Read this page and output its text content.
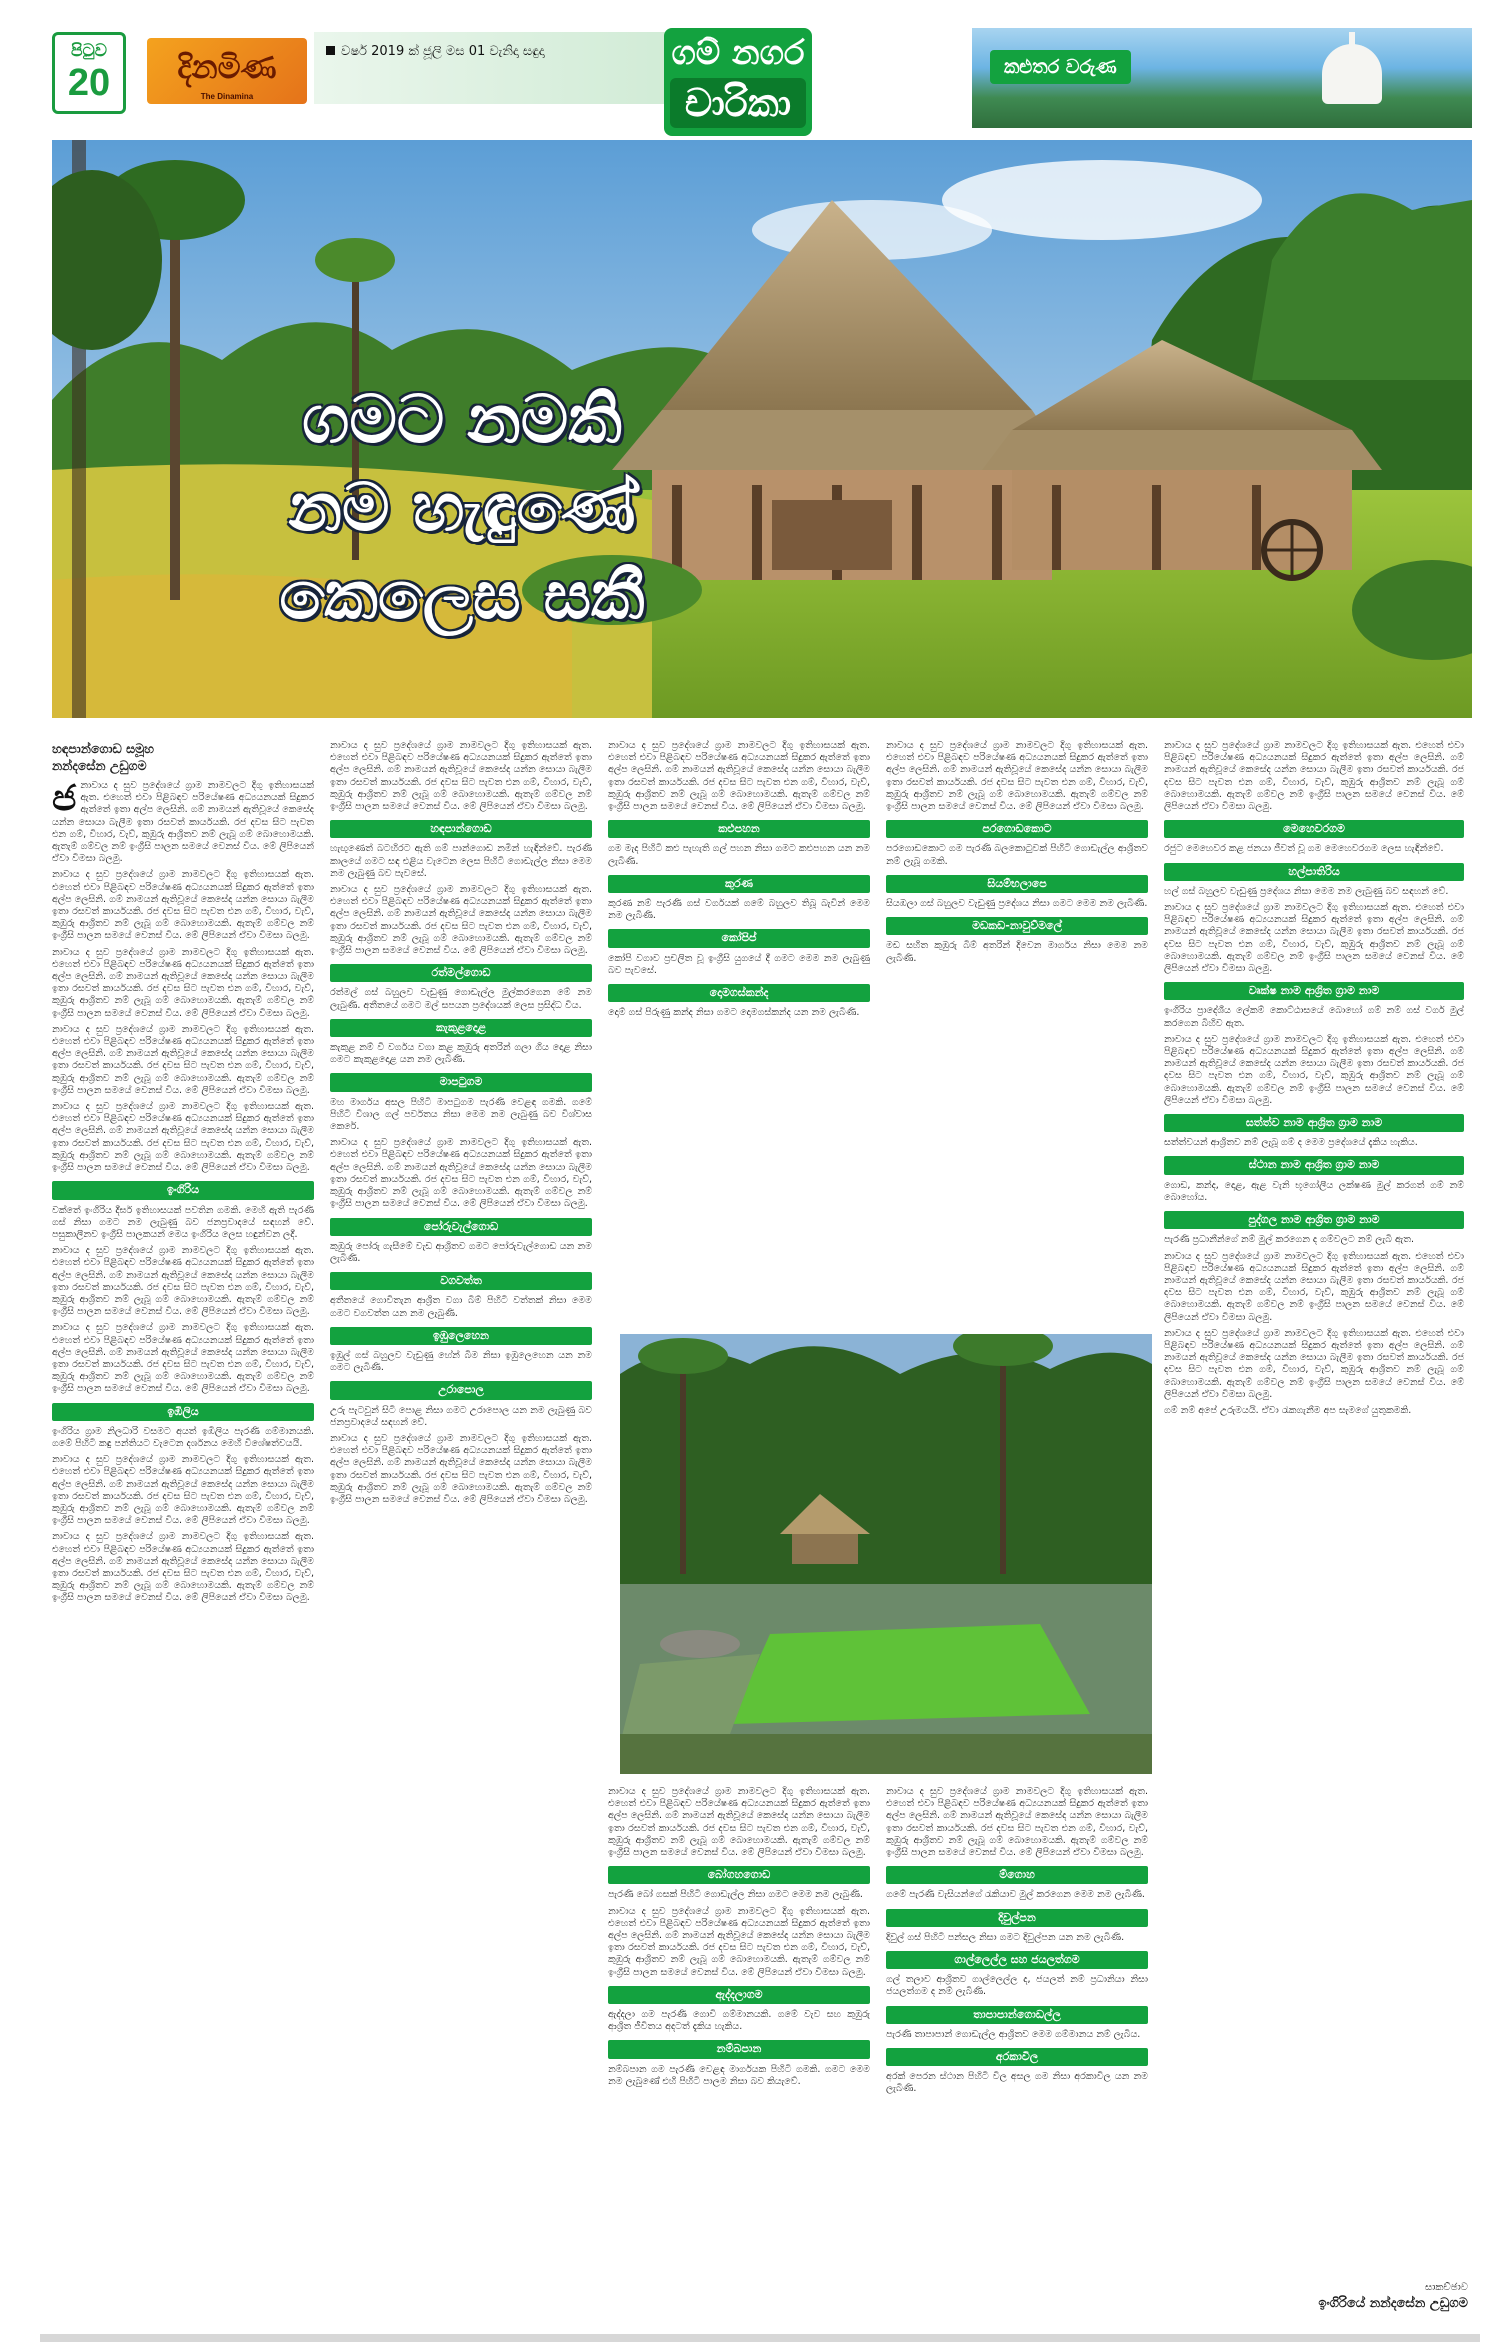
පිටුව
20	දිනමිණ
The Dinamina
වර්ෂ 2019 ක් ජූලි මස 01 වැනිදා සඳුදා	ගම් නගර
චාරිකා
කළුතර වරුණ
ගමට නමකි
නම හැඳුණේ
කෙලෙස සකී
හඳපාන්ගොඩ සමූහ
නන්දසේන උඩුගම

ජනාවාය ද සුව ප්‍රදේශයේ ග්‍රාම නාමවලට දිගු ඉතිහාසයක් ඇත. එහෙත් එවා පිළිබඳව පරියේෂණ අධ්‍යයනයක් සිදුකර ඇත්තේ ඉතා අල්ප ලෙසිනි. ගම් නාමයන් ඇතිවූයේ කෙසේද යන්න සොයා බැලීම ඉතා රසවත් කාර්යයකි. රජ දවස සිට පැවත එන ගම්, විහාර, වැව්, කුඹුරු ආශ්‍රිතව නම් ලැබූ ගම් බොහොමයකි. ඇතැම් ගම්වල නම් ඉංග්‍රීසි පාලන සමයේ වෙනස් විය. මේ ලිපියෙන් ඒවා විමසා බලමු.

නාවාය ද සුව ප්‍රදේශයේ ග්‍රාම නාමවලට දිගු ඉතිහාසයක් ඇත. එහෙත් එවා පිළිබඳව පරියේෂණ අධ්‍යයනයක් සිදුකර ඇත්තේ ඉතා අල්ප ලෙසිනි. ගම් නාමයන් ඇතිවූයේ කෙසේද යන්න සොයා බැලීම ඉතා රසවත් කාර්යයකි. රජ දවස සිට පැවත එන ගම්, විහාර, වැව්, කුඹුරු ආශ්‍රිතව නම් ලැබූ ගම් බොහොමයකි. ඇතැම් ගම්වල නම් ඉංග්‍රීසි පාලන සමයේ වෙනස් විය. මේ ලිපියෙන් ඒවා විමසා බලමු.

නාවාය ද සුව ප්‍රදේශයේ ග්‍රාම නාමවලට දිගු ඉතිහාසයක් ඇත. එහෙත් එවා පිළිබඳව පරියේෂණ අධ්‍යයනයක් සිදුකර ඇත්තේ ඉතා අල්ප ලෙසිනි. ගම් නාමයන් ඇතිවූයේ කෙසේද යන්න සොයා බැලීම ඉතා රසවත් කාර්යයකි. රජ දවස සිට පැවත එන ගම්, විහාර, වැව්, කුඹුරු ආශ්‍රිතව නම් ලැබූ ගම් බොහොමයකි. ඇතැම් ගම්වල නම් ඉංග්‍රීසි පාලන සමයේ වෙනස් විය. මේ ලිපියෙන් ඒවා විමසා බලමු.

නාවාය ද සුව ප්‍රදේශයේ ග්‍රාම නාමවලට දිගු ඉතිහාසයක් ඇත. එහෙත් එවා පිළිබඳව පරියේෂණ අධ්‍යයනයක් සිදුකර ඇත්තේ ඉතා අල්ප ලෙසිනි. ගම් නාමයන් ඇතිවූයේ කෙසේද යන්න සොයා බැලීම ඉතා රසවත් කාර්යයකි. රජ දවස සිට පැවත එන ගම්, විහාර, වැව්, කුඹුරු ආශ්‍රිතව නම් ලැබූ ගම් බොහොමයකි. ඇතැම් ගම්වල නම් ඉංග්‍රීසි පාලන සමයේ වෙනස් විය. මේ ලිපියෙන් ඒවා විමසා බලමු.

නාවාය ද සුව ප්‍රදේශයේ ග්‍රාම නාමවලට දිගු ඉතිහාසයක් ඇත. එහෙත් එවා පිළිබඳව පරියේෂණ අධ්‍යයනයක් සිදුකර ඇත්තේ ඉතා අල්ප ලෙසිනි. ගම් නාමයන් ඇතිවූයේ කෙසේද යන්න සොයා බැලීම ඉතා රසවත් කාර්යයකි. රජ දවස සිට පැවත එන ගම්, විහාර, වැව්, කුඹුරු ආශ්‍රිතව නම් ලැබූ ගම් බොහොමයකි. ඇතැම් ගම්වල නම් ඉංග්‍රීසි පාලන සමයේ වෙනස් විය. මේ ලිපියෙන් ඒවා විමසා බලමු.

ඉංගිරිය

වක්තේ ඉංගිරිය දීර්ඝ ඉතිහාසයක් පවතින ගමකි. මෙහි ඇති පැරණි ගස් නිසා ගමට නම ලැබුණු බව ජනප්‍රවාදයේ සඳහන් වේ. පසුකාලීනව ඉංග්‍රීසි පාලකයන් මෙය ඉංගිරිය ලෙස හඳුන්වන ලදී.

නාවාය ද සුව ප්‍රදේශයේ ග්‍රාම නාමවලට දිගු ඉතිහාසයක් ඇත. එහෙත් එවා පිළිබඳව පරියේෂණ අධ්‍යයනයක් සිදුකර ඇත්තේ ඉතා අල්ප ලෙසිනි. ගම් නාමයන් ඇතිවූයේ කෙසේද යන්න සොයා බැලීම ඉතා රසවත් කාර්යයකි. රජ දවස සිට පැවත එන ගම්, විහාර, වැව්, කුඹුරු ආශ්‍රිතව නම් ලැබූ ගම් බොහොමයකි. ඇතැම් ගම්වල නම් ඉංග්‍රීසි පාලන සමයේ වෙනස් විය. මේ ලිපියෙන් ඒවා විමසා බලමු.

නාවාය ද සුව ප්‍රදේශයේ ග්‍රාම නාමවලට දිගු ඉතිහාසයක් ඇත. එහෙත් එවා පිළිබඳව පරියේෂණ අධ්‍යයනයක් සිදුකර ඇත්තේ ඉතා අල්ප ලෙසිනි. ගම් නාමයන් ඇතිවූයේ කෙසේද යන්න සොයා බැලීම ඉතා රසවත් කාර්යයකි. රජ දවස සිට පැවත එන ගම්, විහාර, වැව්, කුඹුරු ආශ්‍රිතව නම් ලැබූ ගම් බොහොමයකි. ඇතැම් ගම්වල නම් ඉංග්‍රීසි පාලන සමයේ වෙනස් විය. මේ ලිපියෙන් ඒවා විමසා බලමු.

ඉඹිලිය

ඉංගිරිය ග්‍රාම නිලධාරි වසමට අයත් ඉඹිලිය පැරණි ගම්මානයකි. ගමේ පිහිටි කඳු පන්තියට වැටෙන දර්ශනය මෙහි විශේෂත්වයයි.

නාවාය ද සුව ප්‍රදේශයේ ග්‍රාම නාමවලට දිගු ඉතිහාසයක් ඇත. එහෙත් එවා පිළිබඳව පරියේෂණ අධ්‍යයනයක් සිදුකර ඇත්තේ ඉතා අල්ප ලෙසිනි. ගම් නාමයන් ඇතිවූයේ කෙසේද යන්න සොයා බැලීම ඉතා රසවත් කාර්යයකි. රජ දවස සිට පැවත එන ගම්, විහාර, වැව්, කුඹුරු ආශ්‍රිතව නම් ලැබූ ගම් බොහොමයකි. ඇතැම් ගම්වල නම් ඉංග්‍රීසි පාලන සමයේ වෙනස් විය. මේ ලිපියෙන් ඒවා විමසා බලමු.

නාවාය ද සුව ප්‍රදේශයේ ග්‍රාම නාමවලට දිගු ඉතිහාසයක් ඇත. එහෙත් එවා පිළිබඳව පරියේෂණ අධ්‍යයනයක් සිදුකර ඇත්තේ ඉතා අල්ප ලෙසිනි. ගම් නාමයන් ඇතිවූයේ කෙසේද යන්න සොයා බැලීම ඉතා රසවත් කාර්යයකි. රජ දවස සිට පැවත එන ගම්, විහාර, වැව්, කුඹුරු ආශ්‍රිතව නම් ලැබූ ගම් බොහොමයකි. ඇතැම් ගම්වල නම් ඉංග්‍රීසි පාලන සමයේ වෙනස් විය. මේ ලිපියෙන් ඒවා විමසා බලමු.

නාවාය ද සුව ප්‍රදේශයේ ග්‍රාම නාමවලට දිගු ඉතිහාසයක් ඇත. එහෙත් එවා පිළිබඳව පරියේෂණ අධ්‍යයනයක් සිදුකර ඇත්තේ ඉතා අල්ප ලෙසිනි. ගම් නාමයන් ඇතිවූයේ කෙසේද යන්න සොයා බැලීම ඉතා රසවත් කාර්යයකි. රජ දවස සිට පැවත එන ගම්, විහාර, වැව්, කුඹුරු ආශ්‍රිතව නම් ලැබූ ගම් බොහොමයකි. ඇතැම් ගම්වල නම් ඉංග්‍රීසි පාලන සමයේ වෙනස් විය. මේ ලිපියෙන් ඒවා විමසා බලමු.

හඳපාන්ගොඩ

හැඟුණෙත් බටහිරට ඇති ගම් පාන්ගොඩ නමින් හැඳින්වේ. පැරණි කාලයේ ගමට සඳ එළිය වැටෙන ලෙස පිහිටි ගොඩැල්ල නිසා මෙම නම ලැබුණු බව පැවසේ.

නාවාය ද සුව ප්‍රදේශයේ ග්‍රාම නාමවලට දිගු ඉතිහාසයක් ඇත. එහෙත් එවා පිළිබඳව පරියේෂණ අධ්‍යයනයක් සිදුකර ඇත්තේ ඉතා අල්ප ලෙසිනි. ගම් නාමයන් ඇතිවූයේ කෙසේද යන්න සොයා බැලීම ඉතා රසවත් කාර්යයකි. රජ දවස සිට පැවත එන ගම්, විහාර, වැව්, කුඹුරු ආශ්‍රිතව නම් ලැබූ ගම් බොහොමයකි. ඇතැම් ගම්වල නම් ඉංග්‍රීසි පාලන සමයේ වෙනස් විය. මේ ලිපියෙන් ඒවා විමසා බලමු.

රත්මල්ගොඩ

රත්මල් ගස් බහුලව වැඩුණු ගොඩැල්ල මුල්කරගෙන මේ නම ලැබුණි. අතීතයේ ගමට මල් සපයන ප්‍රදේශයක් ලෙස ප්‍රසිද්ධ විය.

කැකුළදොළ

කැකුළ නම් වී වර්ගය වගා කළ කුඹුරු අතරින් ගලා ගිය දොළ නිසා ගමට කැකුළදොළ යන නම ලැබිණි.

මාපටුගම

මහ මාර්ගය අසල පිහිටි මාපටුගම පැරණි වෙළඳ ගමකි. ගමේ පිහිටි විශාල ගල් පර්වතය නිසා මෙම නම ලැබුණු බව විශ්වාස කෙරේ.

නාවාය ද සුව ප්‍රදේශයේ ග්‍රාම නාමවලට දිගු ඉතිහාසයක් ඇත. එහෙත් එවා පිළිබඳව පරියේෂණ අධ්‍යයනයක් සිදුකර ඇත්තේ ඉතා අල්ප ලෙසිනි. ගම් නාමයන් ඇතිවූයේ කෙසේද යන්න සොයා බැලීම ඉතා රසවත් කාර්යයකි. රජ දවස සිට පැවත එන ගම්, විහාර, වැව්, කුඹුරු ආශ්‍රිතව නම් ලැබූ ගම් බොහොමයකි. ඇතැම් ගම්වල නම් ඉංග්‍රීසි පාලන සමයේ වෙනස් විය. මේ ලිපියෙන් ඒවා විමසා බලමු.

පෝරුවැල්ගොඩ

කුඹුරු පෝරු ගැසීමේ වැඩ ආශ්‍රිතව ගමට පෝරුවැල්ගොඩ යන නම ලැබිණි.

වගවත්ත

අතීතයේ ගොවිතැන ආශ්‍රිත වගා බිම් පිහිටි වත්තක් නිසා මෙම ගමට වගවත්ත යන නම ලැබුණි.

ඉඹුලෙහෙන

ඉඹුල් ගස් බහුලව වැඩුණු හේන් බිම නිසා ඉඹුලෙහෙන යන නම ගමට ලැබිණි.

උරාපොල

උරු පැටවුන් සිටි පොළ නිසා ගමට උරාපොල යන නම ලැබුණු බව ජනප්‍රවාදයේ සඳහන් වේ.

නාවාය ද සුව ප්‍රදේශයේ ග්‍රාම නාමවලට දිගු ඉතිහාසයක් ඇත. එහෙත් එවා පිළිබඳව පරියේෂණ අධ්‍යයනයක් සිදුකර ඇත්තේ ඉතා අල්ප ලෙසිනි. ගම් නාමයන් ඇතිවූයේ කෙසේද යන්න සොයා බැලීම ඉතා රසවත් කාර්යයකි. රජ දවස සිට පැවත එන ගම්, විහාර, වැව්, කුඹුරු ආශ්‍රිතව නම් ලැබූ ගම් බොහොමයකි. ඇතැම් ගම්වල නම් ඉංග්‍රීසි පාලන සමයේ වෙනස් විය. මේ ලිපියෙන් ඒවා විමසා බලමු.

නාවාය ද සුව ප්‍රදේශයේ ග්‍රාම නාමවලට දිගු ඉතිහාසයක් ඇත. එහෙත් එවා පිළිබඳව පරියේෂණ අධ්‍යයනයක් සිදුකර ඇත්තේ ඉතා අල්ප ලෙසිනි. ගම් නාමයන් ඇතිවූයේ කෙසේද යන්න සොයා බැලීම ඉතා රසවත් කාර්යයකි. රජ දවස සිට පැවත එන ගම්, විහාර, වැව්, කුඹුරු ආශ්‍රිතව නම් ලැබූ ගම් බොහොමයකි. ඇතැම් ගම්වල නම් ඉංග්‍රීසි පාලන සමයේ වෙනස් විය. මේ ලිපියෙන් ඒවා විමසා බලමු.

කළුපහන

ගම මැද පිහිටි කළු පැහැති ගල් පහන නිසා ගමට කළුපහන යන නම ලැබිණි.

කුරණ

කුරණ නම් පැරණි ගස් වර්ගයක් ගමේ බහුලව තිබූ බැවින් මෙම නම ලැබිණි.

කෝපිප්

කෝපි වගාව ප්‍රචලිත වූ ඉංග්‍රීසි යුගයේ දී ගමට මෙම නම ලැබුණු බව පැවසේ.

දොමගස්කන්ද

දොම් ගස් පිරුණු කන්ද නිසා ගමට දොමගස්කන්ද යන නම ලැබිණි.

නාවාය ද සුව ප්‍රදේශයේ ග්‍රාම නාමවලට දිගු ඉතිහාසයක් ඇත. එහෙත් එවා පිළිබඳව පරියේෂණ අධ්‍යයනයක් සිදුකර ඇත්තේ ඉතා අල්ප ලෙසිනි. ගම් නාමයන් ඇතිවූයේ කෙසේද යන්න සොයා බැලීම ඉතා රසවත් කාර්යයකි. රජ දවස සිට පැවත එන ගම්, විහාර, වැව්, කුඹුරු ආශ්‍රිතව නම් ලැබූ ගම් බොහොමයකි. ඇතැම් ගම්වල නම් ඉංග්‍රීසි පාලන සමයේ වෙනස් විය. මේ ලිපියෙන් ඒවා විමසා බලමු.

පරගොඩකොට

පරගොඩකොට ගම පැරණි බලකොටුවක් පිහිටි ගොඩැල්ල ආශ්‍රිතව නම් ලැබූ ගමකි.

සියම්භලාපෙ

සියඹලා ගස් බහුලව වැඩුණු ප්‍රදේශය නිසා ගමට මෙම නම ලැබිණි.

මඩකඩ-නාවුව්මලේ

මඩ සහිත කුඹුරු බිම් අතරින් දිවෙන මාර්ගය නිසා මෙම නම ලැබිණි.

නාවාය ද සුව ප්‍රදේශයේ ග්‍රාම නාමවලට දිගු ඉතිහාසයක් ඇත. එහෙත් එවා පිළිබඳව පරියේෂණ අධ්‍යයනයක් සිදුකර ඇත්තේ ඉතා අල්ප ලෙසිනි. ගම් නාමයන් ඇතිවූයේ කෙසේද යන්න සොයා බැලීම ඉතා රසවත් කාර්යයකි. රජ දවස සිට පැවත එන ගම්, විහාර, වැව්, කුඹුරු ආශ්‍රිතව නම් ලැබූ ගම් බොහොමයකි. ඇතැම් ගම්වල නම් ඉංග්‍රීසි පාලන සමයේ වෙනස් විය. මේ ලිපියෙන් ඒවා විමසා බලමු.

බෝගහගොඩ

පැරණි බෝ ගසක් පිහිටි ගොඩැල්ල නිසා ගමට මෙම නම ලැබුණි.

නාවාය ද සුව ප්‍රදේශයේ ග්‍රාම නාමවලට දිගු ඉතිහාසයක් ඇත. එහෙත් එවා පිළිබඳව පරියේෂණ අධ්‍යයනයක් සිදුකර ඇත්තේ ඉතා අල්ප ලෙසිනි. ගම් නාමයන් ඇතිවූයේ කෙසේද යන්න සොයා බැලීම ඉතා රසවත් කාර්යයකි. රජ දවස සිට පැවත එන ගම්, විහාර, වැව්, කුඹුරු ආශ්‍රිතව නම් ලැබූ ගම් බොහොමයකි. ඇතැම් ගම්වල නම් ඉංග්‍රීසි පාලන සමයේ වෙනස් විය. මේ ලිපියෙන් ඒවා විමසා බලමු.

ඇද්දලාගම

ඇද්දලා ගම පැරණි ගොවි ගම්මානයකි. ගමේ වැව සහ කුඹුරු ආශ්‍රිත ජීවිතය අදටත් දැකිය හැකිය.

නම්බපාන

නම්බපාන ගම පැරණි වෙළඳ මාර්ගයක පිහිටි ගමකි. ගමට මෙම නම ලැබුණේ එහි පිහිටි පාලම නිසා බව කියැවේ.

නාවාය ද සුව ප්‍රදේශයේ ග්‍රාම නාමවලට දිගු ඉතිහාසයක් ඇත. එහෙත් එවා පිළිබඳව පරියේෂණ අධ්‍යයනයක් සිදුකර ඇත්තේ ඉතා අල්ප ලෙසිනි. ගම් නාමයන් ඇතිවූයේ කෙසේද යන්න සොයා බැලීම ඉතා රසවත් කාර්යයකි. රජ දවස සිට පැවත එන ගම්, විහාර, වැව්, කුඹුරු ආශ්‍රිතව නම් ලැබූ ගම් බොහොමයකි. ඇතැම් ගම්වල නම් ඉංග්‍රීසි පාලන සමයේ වෙනස් විය. මේ ලිපියෙන් ඒවා විමසා බලමු.

ම්ගොහ

ගමේ පැරණි වැසියන්ගේ රැකියාව මුල් කරගෙන මෙම නම ලැබිණි.

දිවුල්පන

දිවුල් ගස් පිහිටි පන්සල නිසා ගමට දිවුල්පන යන නම ලැබිණි.

ගාල්ලෙල්ල සහ ජයලත්ගම

ගල් තලාව ආශ්‍රිතව ගාල්ලෙල්ල ද, ජයලත් නම් ප්‍රධානියා නිසා ජයලත්ගම ද නම් ලැබිණි.

තාපාපාන්ගොඩල්ල

පැරණි තාපාපාන් ගොඩැල්ල ආශ්‍රිතව මෙම ගම්මානය නම් ලැබිය.

අරකාවිල

අරක් පෙරන ස්ථාන පිහිටි විල අසල ගම නිසා අරකාවිල යන නම ලැබිණි.

නාවාය ද සුව ප්‍රදේශයේ ග්‍රාම නාමවලට දිගු ඉතිහාසයක් ඇත. එහෙත් එවා පිළිබඳව පරියේෂණ අධ්‍යයනයක් සිදුකර ඇත්තේ ඉතා අල්ප ලෙසිනි. ගම් නාමයන් ඇතිවූයේ කෙසේද යන්න සොයා බැලීම ඉතා රසවත් කාර්යයකි. රජ දවස සිට පැවත එන ගම්, විහාර, වැව්, කුඹුරු ආශ්‍රිතව නම් ලැබූ ගම් බොහොමයකි. ඇතැම් ගම්වල නම් ඉංග්‍රීසි පාලන සමයේ වෙනස් විය. මේ ලිපියෙන් ඒවා විමසා බලමු.

මෙහෙවරගම

රජුට මෙහෙවර කළ ජනයා ජීවත් වූ ගම මෙහෙවරගම ලෙස හැඳින්වේ.

හල්පාතිරිය

හල් ගස් බහුලව වැඩුණු ප්‍රදේශය නිසා මෙම නම ලැබුණු බව සඳහන් වේ.

නාවාය ද සුව ප්‍රදේශයේ ග්‍රාම නාමවලට දිගු ඉතිහාසයක් ඇත. එහෙත් එවා පිළිබඳව පරියේෂණ අධ්‍යයනයක් සිදුකර ඇත්තේ ඉතා අල්ප ලෙසිනි. ගම් නාමයන් ඇතිවූයේ කෙසේද යන්න සොයා බැලීම ඉතා රසවත් කාර්යයකි. රජ දවස සිට පැවත එන ගම්, විහාර, වැව්, කුඹුරු ආශ්‍රිතව නම් ලැබූ ගම් බොහොමයකි. ඇතැම් ගම්වල නම් ඉංග්‍රීසි පාලන සමයේ වෙනස් විය. මේ ලිපියෙන් ඒවා විමසා බලමු.

වෘක්ෂ නාම ආශ්‍රිත ග්‍රාම නාම

ඉංගිරිය ප්‍රාදේශීය ලේකම් කොට්ඨාසයේ බොහෝ ගම් නම් ගස් වර්ග මුල් කරගෙන බිහිව ඇත.

නාවාය ද සුව ප්‍රදේශයේ ග්‍රාම නාමවලට දිගු ඉතිහාසයක් ඇත. එහෙත් එවා පිළිබඳව පරියේෂණ අධ්‍යයනයක් සිදුකර ඇත්තේ ඉතා අල්ප ලෙසිනි. ගම් නාමයන් ඇතිවූයේ කෙසේද යන්න සොයා බැලීම ඉතා රසවත් කාර්යයකි. රජ දවස සිට පැවත එන ගම්, විහාර, වැව්, කුඹුරු ආශ්‍රිතව නම් ලැබූ ගම් බොහොමයකි. ඇතැම් ගම්වල නම් ඉංග්‍රීසි පාලන සමයේ වෙනස් විය. මේ ලිපියෙන් ඒවා විමසා බලමු.

සත්ත්ව නාම ආශ්‍රිත ග්‍රාම නාම

සත්ත්වයන් ආශ්‍රිතව නම් ලැබූ ගම් ද මෙම ප්‍රදේශයේ දැකිය හැකිය.

ස්ථාන නාම ආශ්‍රිත ග්‍රාම නාම

ගොඩ, කන්ද, දොළ, ඇළ වැනි භූගෝලීය ලක්ෂණ මුල් කරගත් ගම් නම් බොහෝය.

පුද්ගල නාම ආශ්‍රිත ග්‍රාම නාම

පැරණි ප්‍රධානීන්ගේ නම් මුල් කරගෙන ද ගම්වලට නම් ලැබී ඇත.

නාවාය ද සුව ප්‍රදේශයේ ග්‍රාම නාමවලට දිගු ඉතිහාසයක් ඇත. එහෙත් එවා පිළිබඳව පරියේෂණ අධ්‍යයනයක් සිදුකර ඇත්තේ ඉතා අල්ප ලෙසිනි. ගම් නාමයන් ඇතිවූයේ කෙසේද යන්න සොයා බැලීම ඉතා රසවත් කාර්යයකි. රජ දවස සිට පැවත එන ගම්, විහාර, වැව්, කුඹුරු ආශ්‍රිතව නම් ලැබූ ගම් බොහොමයකි. ඇතැම් ගම්වල නම් ඉංග්‍රීසි පාලන සමයේ වෙනස් විය. මේ ලිපියෙන් ඒවා විමසා බලමු.

නාවාය ද සුව ප්‍රදේශයේ ග්‍රාම නාමවලට දිගු ඉතිහාසයක් ඇත. එහෙත් එවා පිළිබඳව පරියේෂණ අධ්‍යයනයක් සිදුකර ඇත්තේ ඉතා අල්ප ලෙසිනි. ගම් නාමයන් ඇතිවූයේ කෙසේද යන්න සොයා බැලීම ඉතා රසවත් කාර්යයකි. රජ දවස සිට පැවත එන ගම්, විහාර, වැව්, කුඹුරු ආශ්‍රිතව නම් ලැබූ ගම් බොහොමයකි. ඇතැම් ගම්වල නම් ඉංග්‍රීසි පාලන සමයේ වෙනස් විය. මේ ලිපියෙන් ඒවා විමසා බලමු.

ගම් නම් අපේ උරුමයයි. ඒවා රැකගැනීම අප සැමගේ යුතුකමකි.

සාකච්ඡාව
ඉංගිරියේ නන්දසේන උඩුගම
